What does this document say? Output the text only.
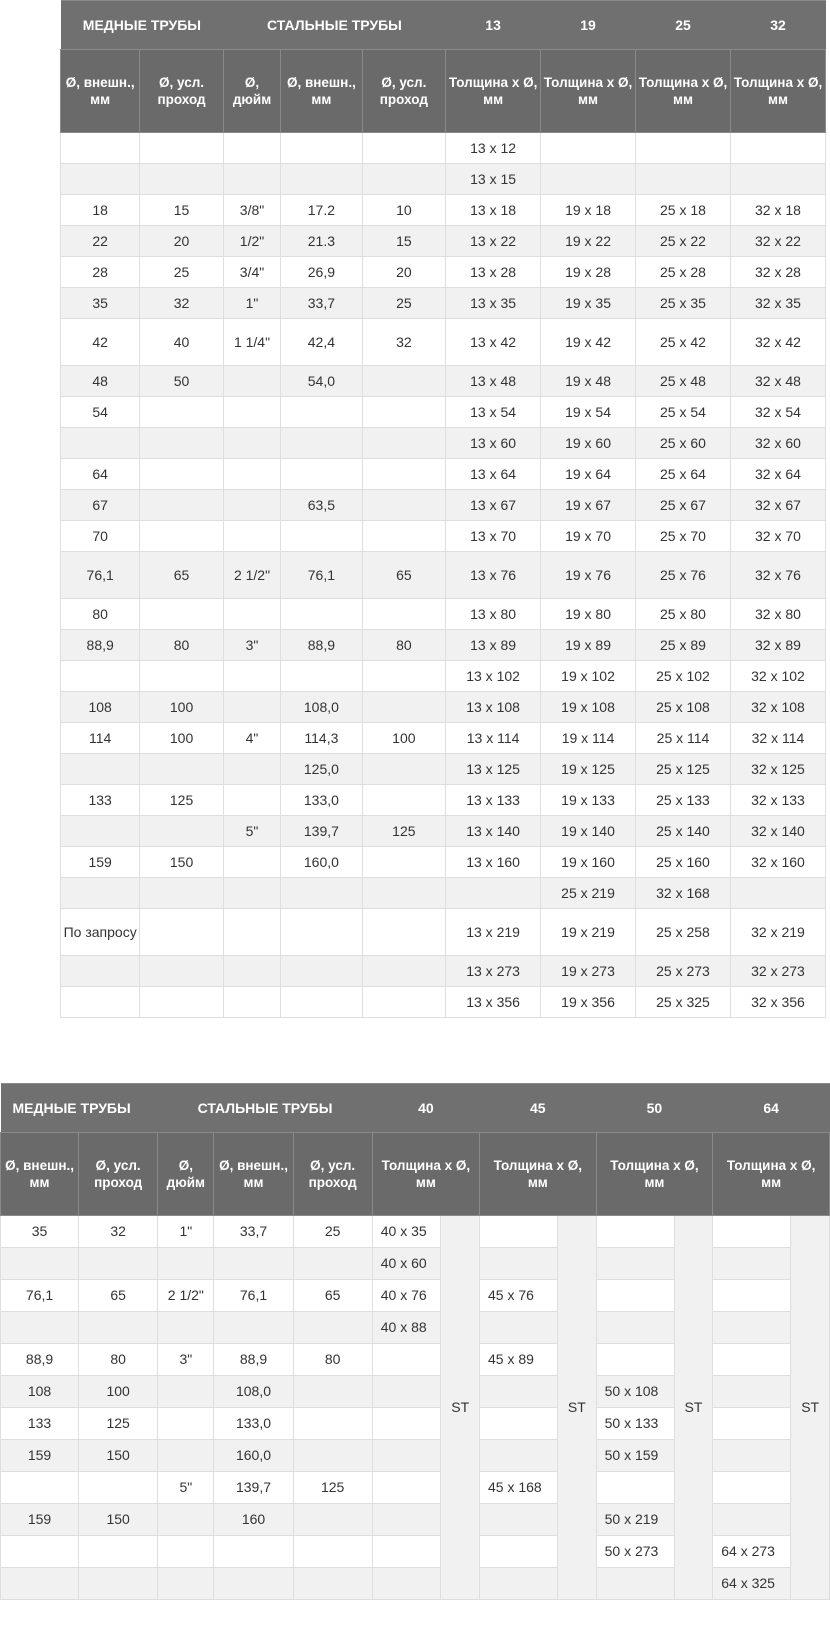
МЕДНЫЕ ТРУБЫ		СТАЛЬНЫЕ ТРУБЫ			13	19	25	32
Ø, внешн., мм	Ø, усл. проход	Ø, дюйм	Ø, внешн., мм	Ø, усл. проход	Толщина x Ø, мм	Толщина x Ø, мм	Толщина x Ø, мм	Толщина x Ø, мм
					13 x 12			
					13 x 15			
18	15	3/8"	17.2	10	13 x 18	19 x 18	25 x 18	32 x 18
22	20	1/2"	21.3	15	13 x 22	19 x 22	25 x 22	32 x 22
28	25	3/4"	26,9	20	13 x 28	19 x 28	25 x 28	32 x 28
35	32	1"	33,7	25	13 x 35	19 x 35	25 x 35	32 x 35
42	40	1 1/4"	42,4	32	13 x 42	19 x 42	25 x 42	32 x 42
48	50		54,0		13 x 48	19 x 48	25 x 48	32 x 48
54					13 x 54	19 x 54	25 x 54	32 x 54
					13 x 60	19 x 60	25 x 60	32 x 60
64					13 x 64	19 x 64	25 x 64	32 x 64
67			63,5		13 x 67	19 x 67	25 x 67	32 x 67
70					13 x 70	19 x 70	25 x 70	32 x 70
76,1	65	2 1/2"	76,1	65	13 x 76	19 x 76	25 x 76	32 x 76
80					13 x 80	19 x 80	25 x 80	32 x 80
88,9	80	3"	88,9	80	13 x 89	19 x 89	25 x 89	32 x 89
					13 x 102	19 x 102	25 x 102	32 x 102
108	100		108,0		13 x 108	19 x 108	25 x 108	32 x 108
114	100	4"	114,3	100	13 x 114	19 x 114	25 x 114	32 x 114
			125,0		13 x 125	19 x 125	25 x 125	32 x 125
133	125		133,0		13 x 133	19 x 133	25 x 133	32 x 133
		5"	139,7	125	13 x 140	19 x 140	25 x 140	32 x 140
159	150		160,0		13 x 160	19 x 160	25 x 160	32 x 160
						25 x 219	32 x 168	
По запросу					13 x 219	19 x 219	25 x 258	32 x 219
					13 x 273	19 x 273	25 x 273	32 x 273
					13 x 356	19 x 356	25 x 325	32 x 356
МЕДНЫЕ ТРУБЫ		СТАЛЬНЫЕ ТРУБЫ			40		45		50		64	
Ø, внешн., мм	Ø, усл. проход	Ø, дюйм	Ø, внешн., мм	Ø, усл. проход	Толщина x Ø, мм		Толщина x Ø, мм		Толщина x Ø, мм		Толщина x Ø, мм	
35	32	1"	33,7	25	40 x 35	ST		ST		ST		ST
					40 x 60							
76,1	65	2 1/2"	76,1	65	40 x 76		45 x 76					
					40 x 88							
88,9	80	3"	88,9	80			45 x 89					
108	100		108,0						50 x 108			
133	125		133,0						50 x 133			
159	150		160,0						50 x 159			
		5"	139,7	125			45 x 168					
159	150		160						50 x 219			
									50 x 273		64 x 273	
											64 x 325	
